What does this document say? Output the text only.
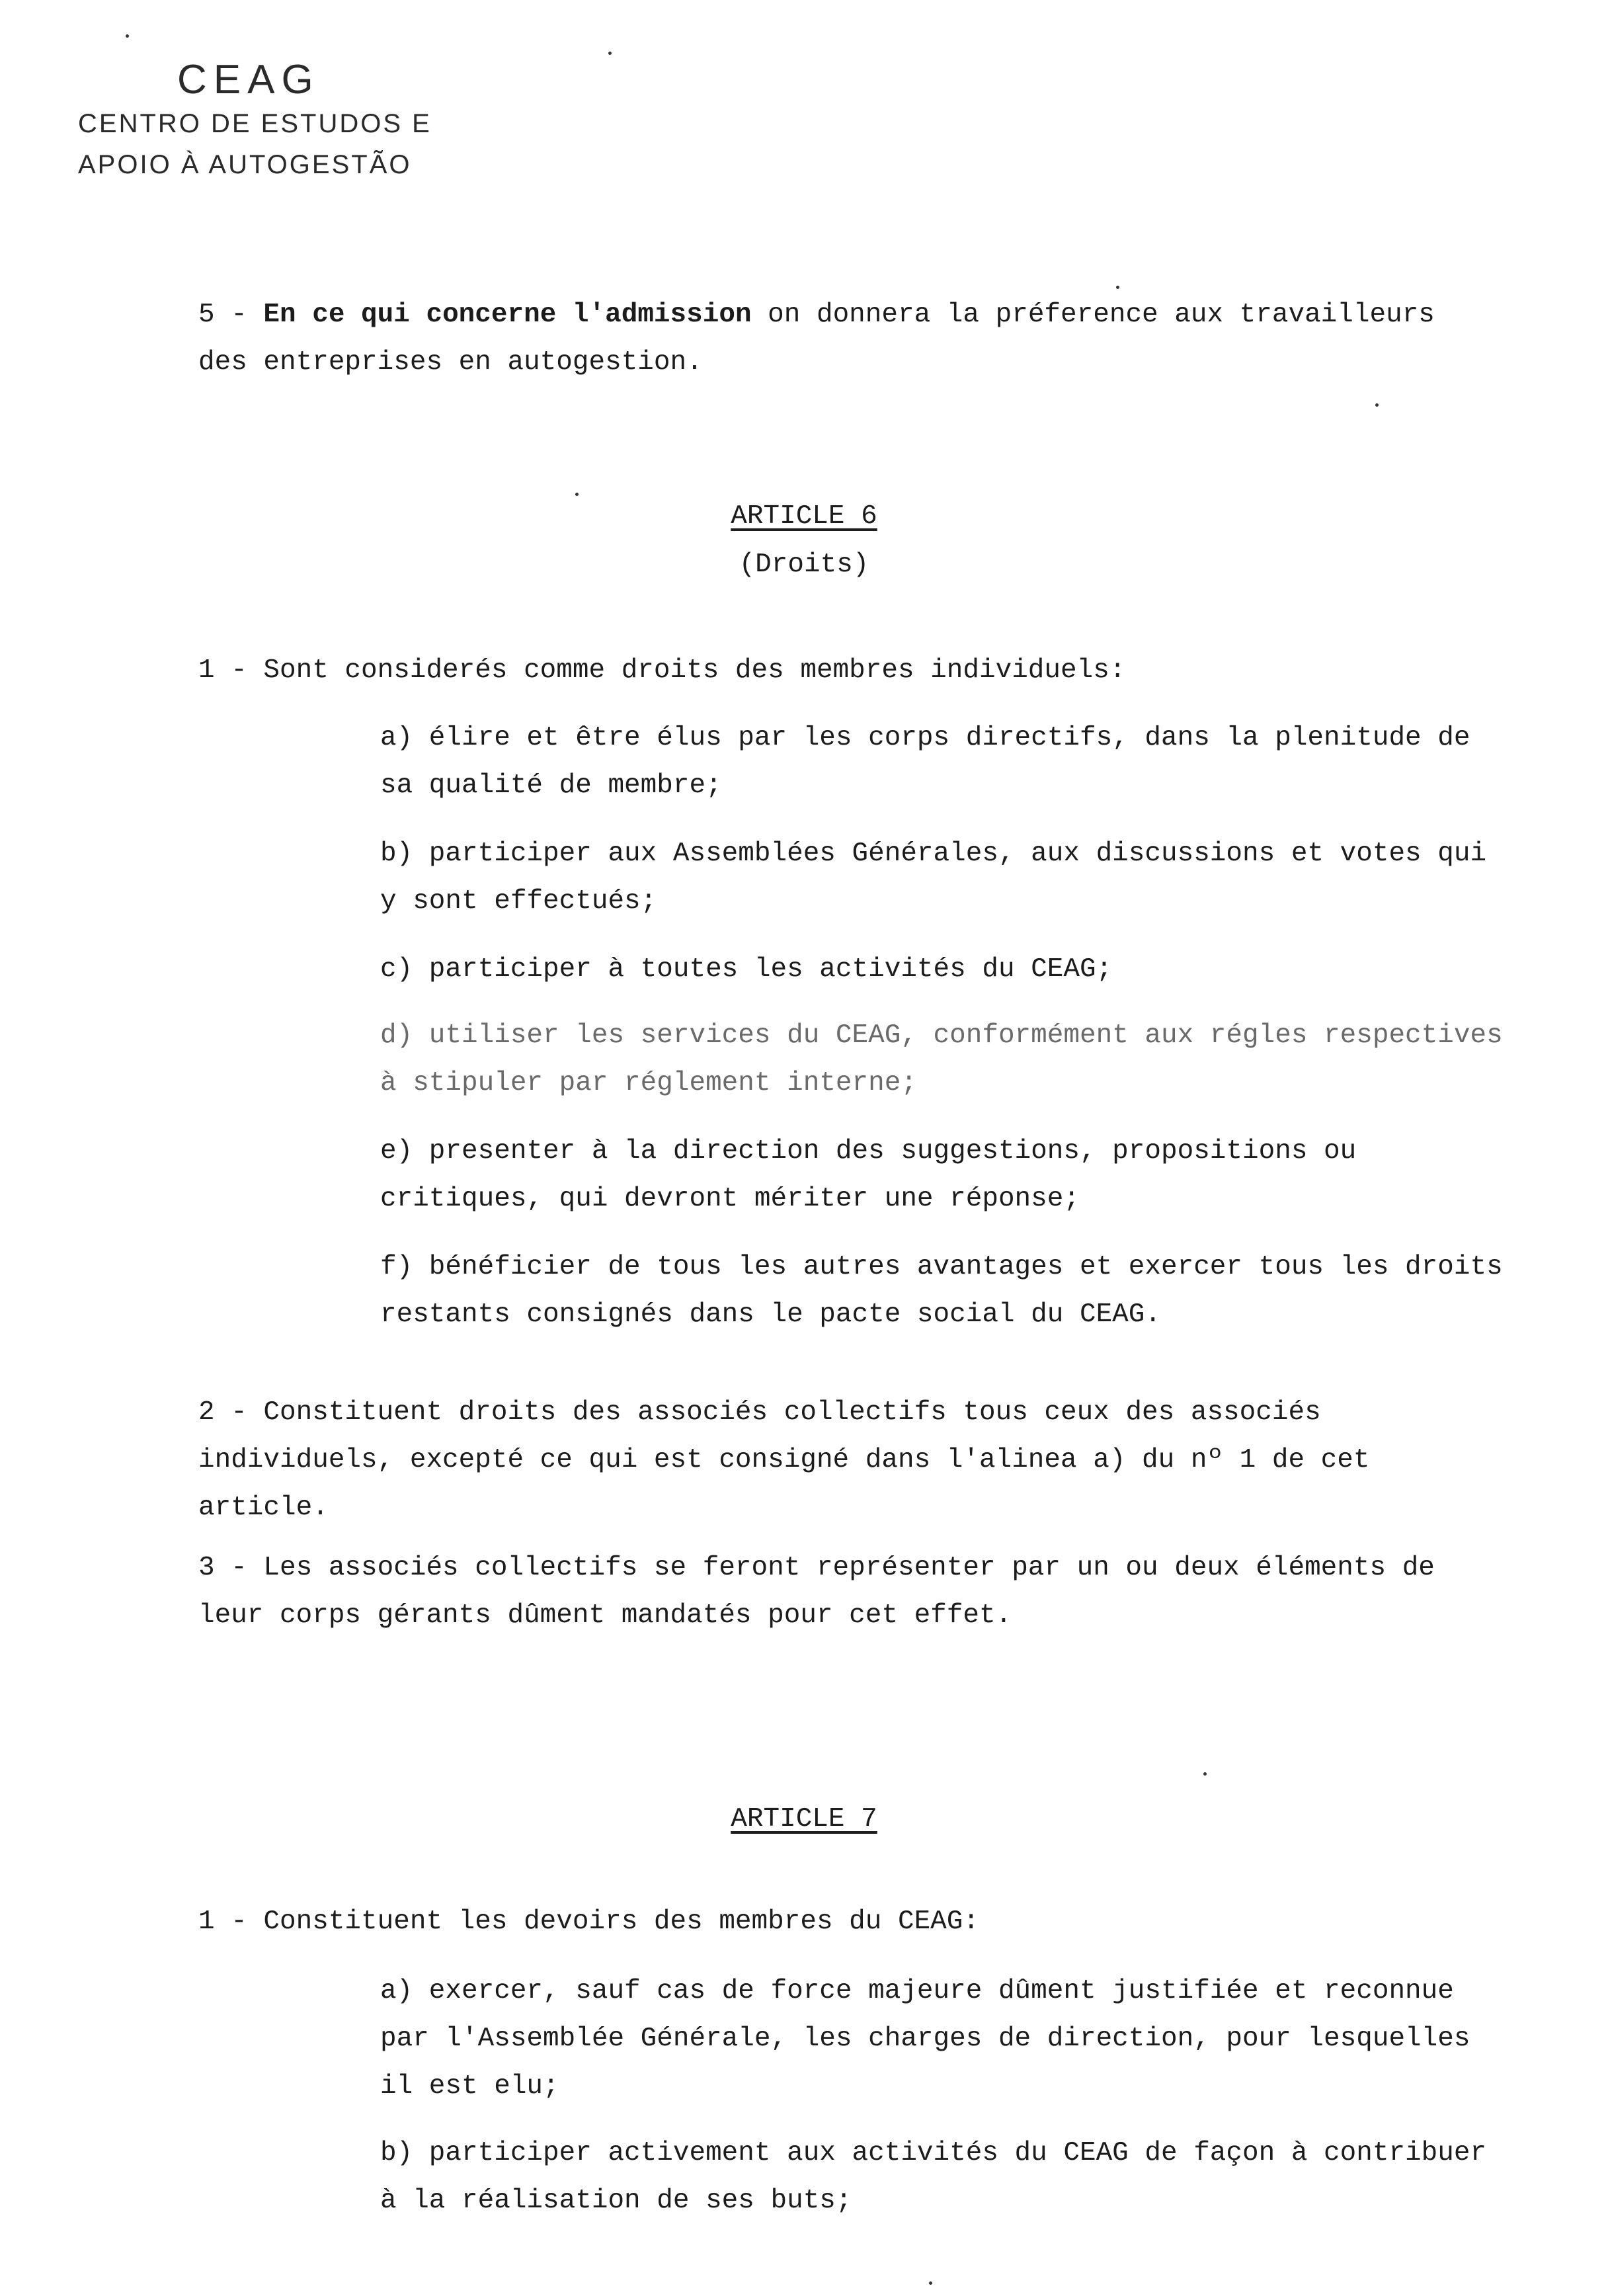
CEAG
CENTRO DE ESTUDOS E
APOIO À AUTOGESTÃO

5 - En ce qui concerne l'admission on donnera la préference aux travailleurs des entreprises en autogestion.

ARTICLE 6

(Droits)

1 - Sont considerés comme droits des membres individuels:

a) élire et être élus par les corps directifs, dans la plenitude de sa qualité de membre;

b) participer aux Assemblées Générales, aux discussions et votes qui y sont effectués;

c) participer à toutes les activités du CEAG;

d) utiliser les services du CEAG, conformément aux régles respectives à stipuler par réglement interne;

e) presenter à la direction des suggestions, propositions ou critiques, qui devront mériter une réponse;

f) bénéficier de tous les autres avantages et exercer tous les droits restants consignés dans le pacte social du CEAG.

2 - Constituent droits des associés collectifs tous ceux des associés individuels, excepté ce qui est consigné dans l'alinea a) du nº 1 de cet article.

3 - Les associés collectifs se feront représenter par un ou deux éléments de leur corps gérants dûment mandatés pour cet effet.

ARTICLE 7

1 - Constituent les devoirs des membres du CEAG:

a) exercer, sauf cas de force majeure dûment justifiée et reconnue par l'Assemblée Générale, les charges de direction, pour lesquelles il est elu;

b) participer activement aux activités du CEAG de façon à contribuer à la réalisation de ses buts;
